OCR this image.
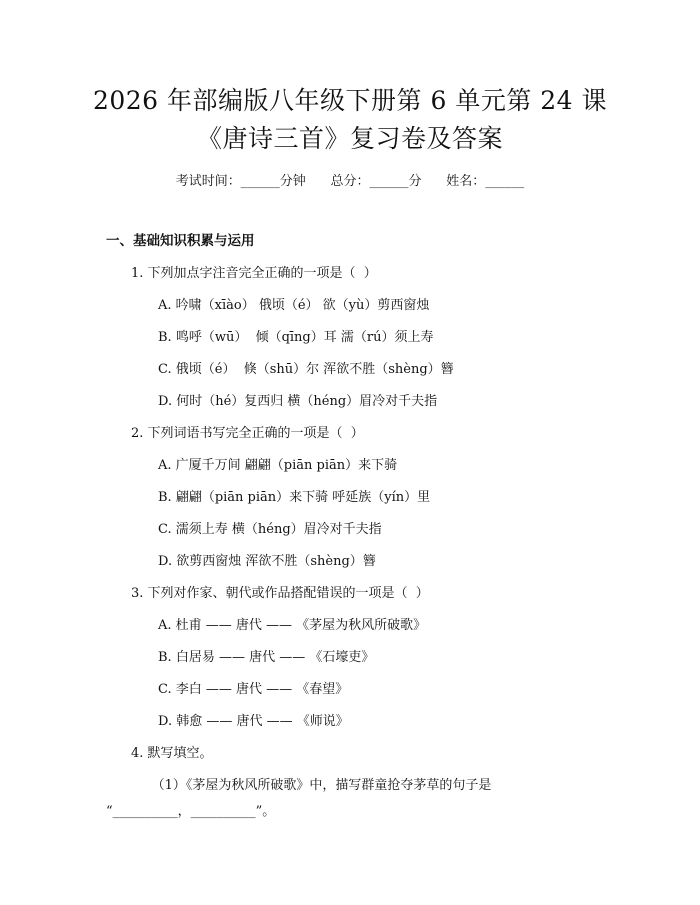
2026 年部编版八年级下册第 6 单元第 24 课
《唐诗三首》复习卷及答案
考试时间：______分钟      总分：______分      姓名：______
一、基础知识积累与运用
1. 下列加点字注音完全正确的一项是（  ）
A. 吟啸（xīào） 俄顷（é） 欲（yù）剪西窗烛
B. 鸣呼（wū）  倾（qīng）耳 濡（rú）须上寿
C. 俄顷（é）  倏（shū）尔 浑欲不胜（shèng）簪
D. 何时（hé）复西归 横（héng）眉冷对千夫指
2. 下列词语书写完全正确的一项是（  ）
A. 广厦千万间 翩翩（piān piān）来下骑
B. 翩翩（piān piān）来下骑 呼延族（yín）里
C. 濡须上寿 横（héng）眉冷对千夫指
D. 欲剪西窗烛 浑欲不胜（shèng）簪
3. 下列对作家、朝代或作品搭配错误的一项是（  ）
A. 杜甫 —— 唐代 —— 《茅屋为秋风所破歌》
B. 白居易 —— 唐代 —— 《石壕吏》
C. 李白 —— 唐代 —— 《春望》
D. 韩愈 —— 唐代 —— 《师说》
4. 默写填空。
（1）《茅屋为秋风所破歌》中，描写群童抢夺茅草的句子是
“__________，__________”。
